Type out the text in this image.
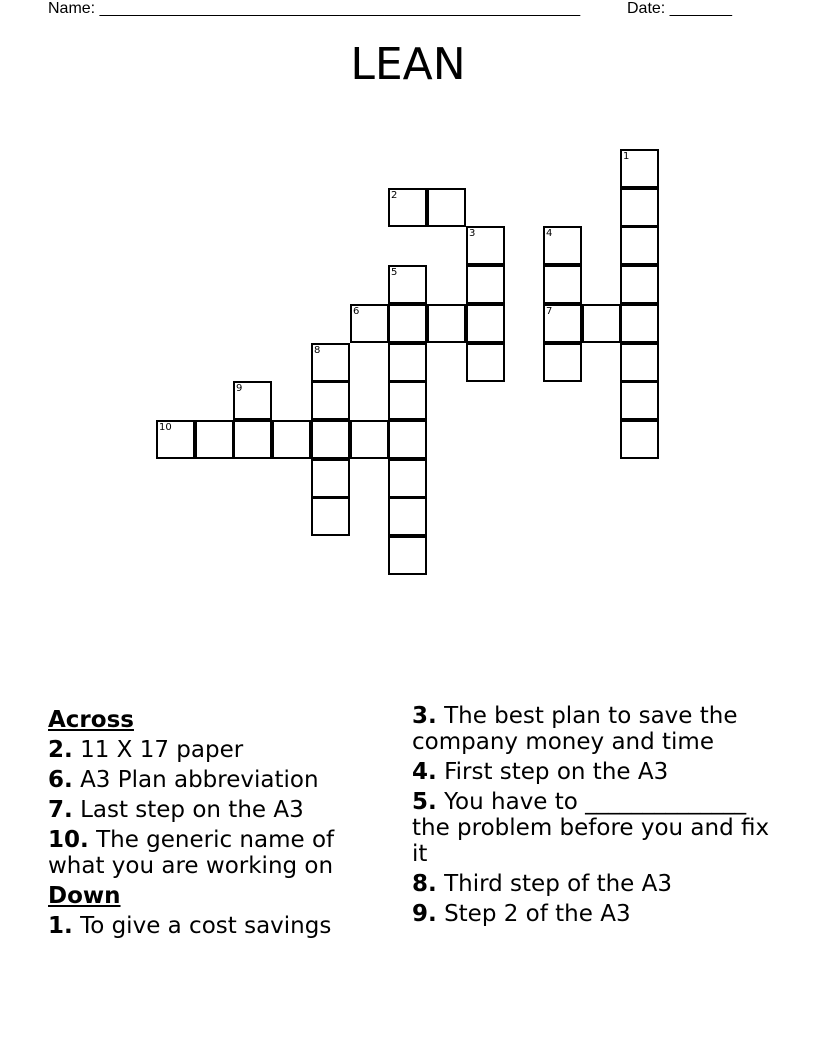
Name: ______________________________________________________	Date: _______
LEAN
1
2
3	4
5
6	7
8
9
10
Across
2. 11 X 17 paper
6. A3 Plan abbreviation
7. Last step on the A3
10. The generic name of what you are working on
Down
1. To give a cost savings
3. The best plan to save the company money and time
4. First step on the A3
5. You have to ______________ the problem before you and fix it
8. Third step of the A3
9. Step 2 of the A3
